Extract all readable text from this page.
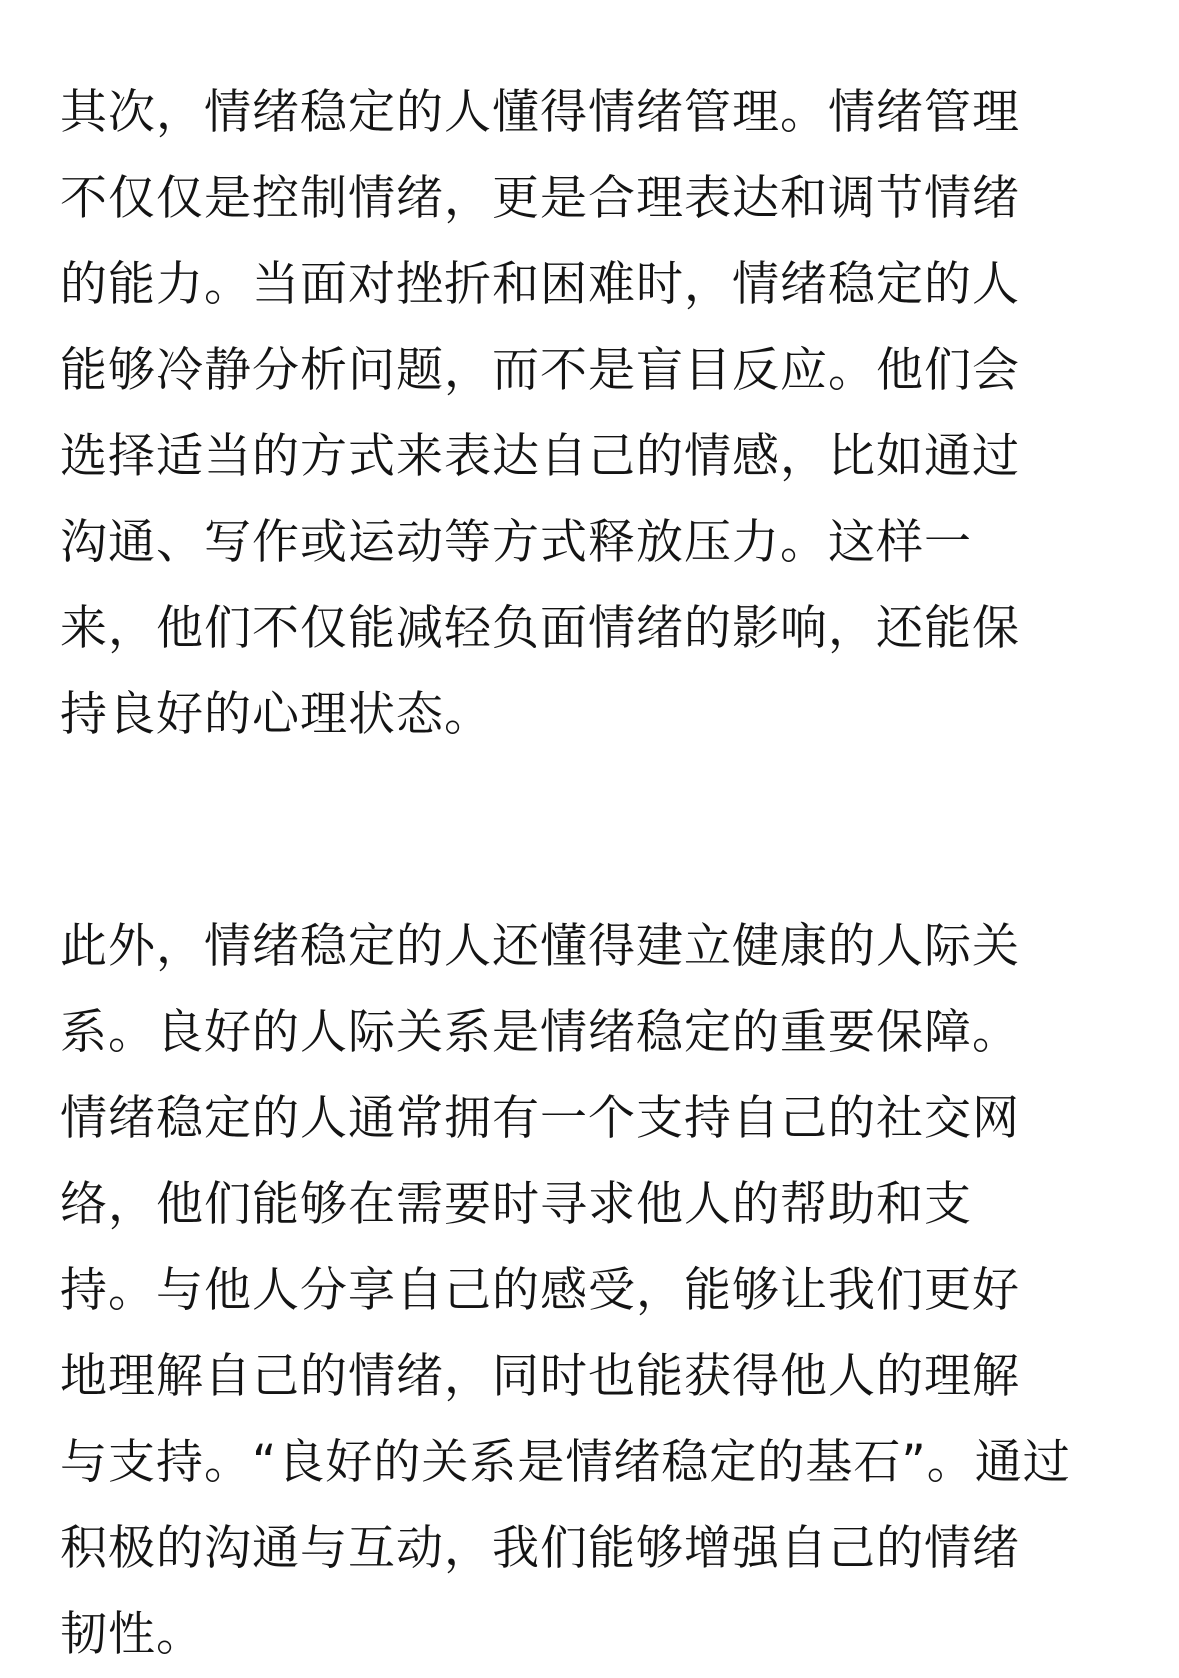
其次，情绪稳定的人懂得情绪管理。情绪管理
不仅仅是控制情绪，更是合理表达和调节情绪
的能力。当面对挫折和困难时，情绪稳定的人
能够冷静分析问题，而不是盲目反应。他们会
选择适当的方式来表达自己的情感，比如通过
沟通、写作或运动等方式释放压力。这样一
来，他们不仅能减轻负面情绪的影响，还能保
持良好的心理状态。
此外，情绪稳定的人还懂得建立健康的人际关
系。良好的人际关系是情绪稳定的重要保障。
情绪稳定的人通常拥有一个支持自己的社交网
络，他们能够在需要时寻求他人的帮助和支
持。与他人分享自己的感受，能够让我们更好
地理解自己的情绪，同时也能获得他人的理解
与支持。“良好的关系是情绪稳定的基石”。通过
积极的沟通与互动，我们能够增强自己的情绪
韧性。
